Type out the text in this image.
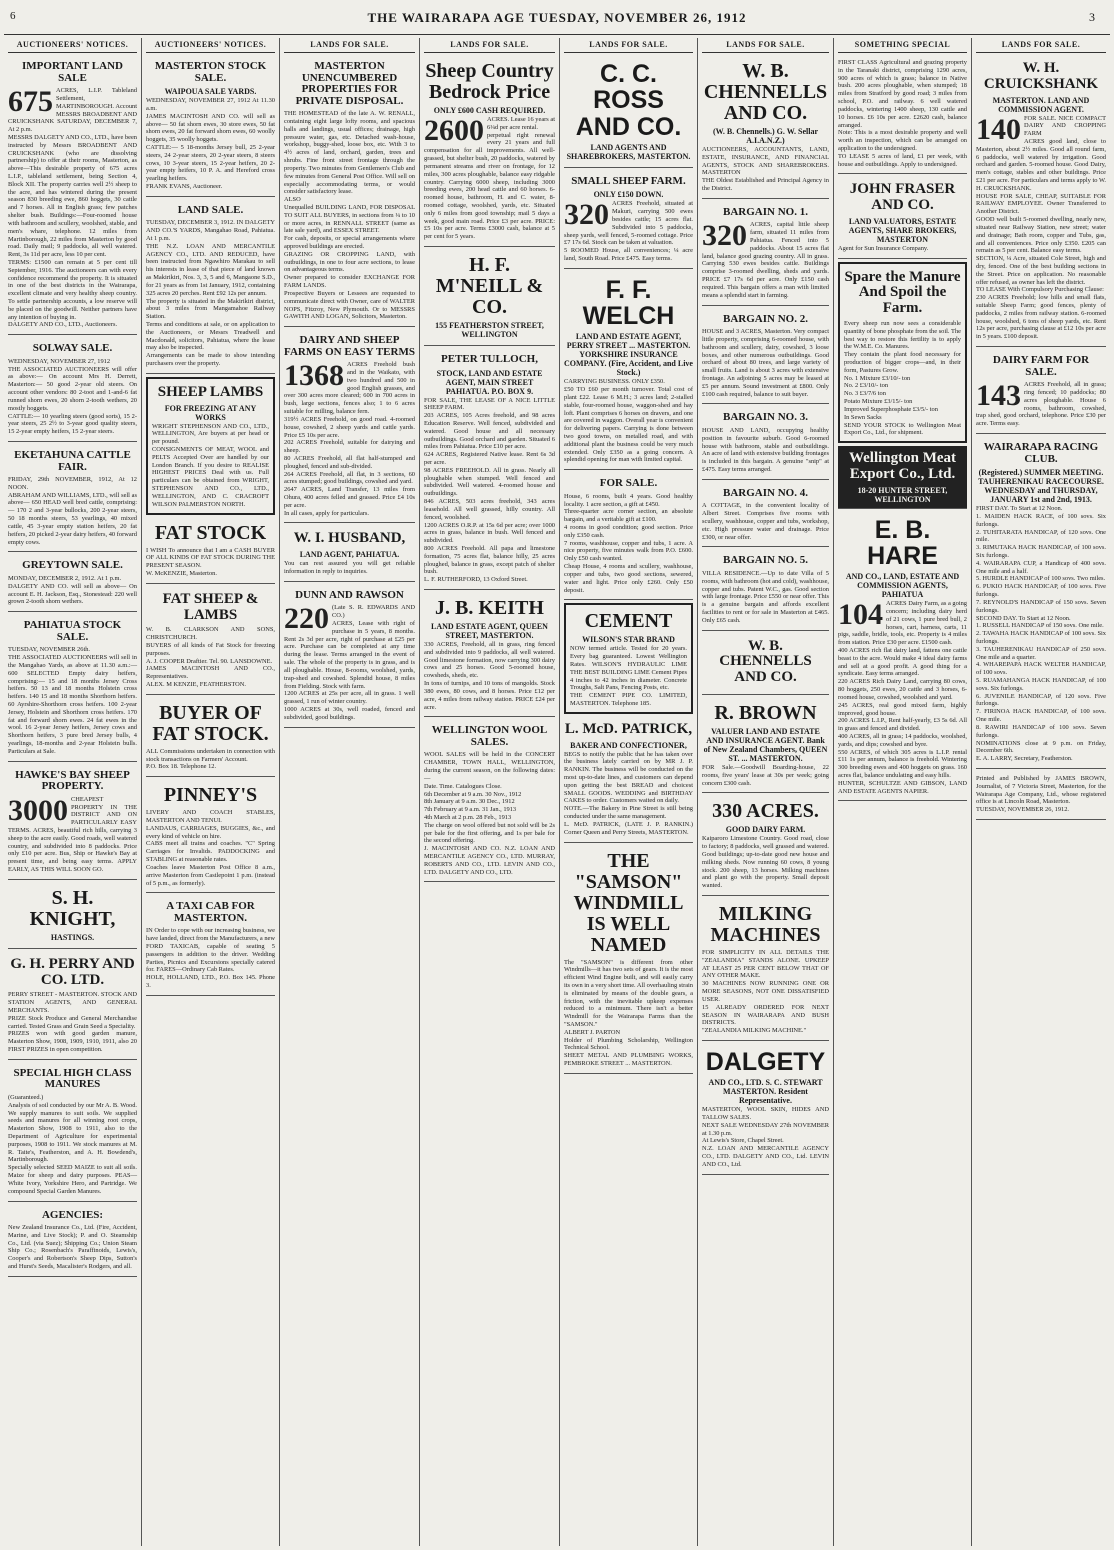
6	THE WAIRARAPA AGE TUESDAY, NOVEMBER 26, 1912	3
AUCTIONEERS' NOTICES.
IMPORTANT LAND SALE
675 ACRES, L.I.P. Tableland Settlement, MARTINBOROUGH. Account MESSRS BROADBENT AND CRUICKSHANK SATURDAY, DECEMBER 7, At 2 p.m.
MESSRS DALGETY AND CO., LTD., have been instructed by Messrs BROADBENT AND CRUICKSHANK (who are dissolving partnership) to offer at their rooms, Masterton, as above—This desirable property of 675 acres L.I.P., tableland settlement, being Section 4, Block XII. The property carries well 2½ sheep to the acre, and has wintered during the present season 830 breeding ewe, 860 hoggets, 30 cattle and 7 horses. All in English grass; few patches shelter bush. Buildings:—Four-roomed house with bathroom and scullery, woolshed, stable, and men's whare, telephone. 12 miles from Martinborough, 22 miles from Masterton by good road. Daily mail; 9 paddocks, all well watered. Rent, 3s 11d per acre, less 10 per cent.
TERMS: £1500 can remain at 5 per cent till September, 1916. The auctioneers can with every confidence recommend the property. It is situated in one of the best districts in the Wairarapa, excellent climate and very healthy sheep country. To settle partnership accounts, a low reserve will be placed on the goodwill. Neither partners have any intention of buying in.
DALGETY AND CO., LTD., Auctioneers.
SOLWAY SALE.
WEDNESDAY, NOVEMBER 27, 1912
THE ASSOCIATED AUCTIONEERS will offer as above:— On account Mrs H. Derrett, Masterton:— 50 good 2-year old steers. On account other vendors: 80 2-toot and 1-and-6 fat runned shorn ewes, 20 shorn 2-tooth wethers, 20 mostly hoggets.
CATTLE:— 10 yearling steers (good sorts), 15 2-year steers, 25 2½ to 3-year good quality steers, 15 2-year empty heifers, 15 2-year steers.
EKETAHUNA CATTLE FAIR.
FRIDAY, 29th NOVEMBER, 1912, At 12 NOON.
ABRAHAM AND WILLIAMS, LTD., will sell as above— 650 HEAD well bred cattle, comprising:— 170 2 and 3-year bullocks, 200 2-year steers, 50 18 months steers, 53 yearlings, 40 mixed cattle, 45 3-year empty station heifers, 20 fat heifers, 20 picked 2-year dairy heifers, 40 forward empty cows.
GREYTOWN SALE.
MONDAY, DECEMBER 2, 1912. At 1 p.m.
DALGETY AND CO. will sell as above— On account E. H. Jackson, Esq., Stonestead: 220 well grown 2-tooth shorn wethers.
PAHIATUA STOCK SALE.
TUESDAY, NOVEMBER 26th.
THE ASSOCIATED AUCTIONEERS will sell in the Mangahao Yards, as above at 11.30 a.m.:— 600 SELECTED Empty dairy heifers, comprising:— 15 and 18 months Jersey Cross heifers. 50 13 and 18 months Holstein cross heifers. 140 15 and 18 months Shorthorn heifers. 60 Ayrshire-Shorthorn cross heifers. 100 2-year Jersey, Holstein and Shorthorn cross heifers. 170 fat and forward shorn ewes. 24 fat ewes in the wool. 16 2-year Jersey heifers, Jersey cows and Shorthorn heifers, 3 pure bred Jersey bulls, 4 yearlings, 18-months and 2-year Holstein bulls. Particulars at Sale.
HAWKE'S BAY SHEEP PROPERTY.
3000 CHEAPEST PROPERTY IN THE DISTRICT AND ON PARTICULARLY EASY TERMS. ACRES, beautiful rich hills, carrying 3 sheep to the acre easily. Good roads, well watered country, and subdivided into 8 paddocks. Price only £10 per acre. Bus, Ship or Hawke's Bay at present time, and being easy terms. APPLY EARLY, AS THIS WILL SOON GO.
S. H. KNIGHT,
HASTINGS.
G. H. PERRY AND CO. LTD.
PERRY STREET - MASTERTON. STOCK AND STATION AGENTS, AND GENERAL MERCHANTS.
PRIZE Stock Produce and General Merchandise carried. Tested Grass and Grain Seed a Speciality.
PRIZES won with good garden manure, Masterton Show, 1908, 1909, 1910, 1911, also 20 FIRST PRIZES in open competition.
SPECIAL HIGH CLASS MANURES
(Guaranteed.)
Analysis of soil conducted by our Mr A. B. Wood. We supply manures to suit soils. We supplied seeds and manures for all winning root crops, Masterton Show, 1908 to 1911, also to the Department of Agriculture for experimental purposes, 1908 to 1911. We stock manures at M. R. Taite's, Featherston, and A. H. Bowdend's, Martinborough.
Specially selected SEED MAIZE to suit all soils. Maize for sheep and dairy purposes. PEAS—White Ivory, Yorkshire Hero, and Partridge. We compound Special Garden Manures.
AGENCIES:
New Zealand Insurance Co., Ltd. (Fire, Accident, Marine, and Live Stock); P. and O. Steamship Co., Ltd. (via Suez); Shipping Co.; Union Steam Ship Co.; Rosenbach's Paraffinoids, Lewis's, Cooper's and Robertson's Sheep Dips, Sutton's and Hurst's Seeds, Macalister's Rodgers, and all.
AUCTIONEERS' NOTICES.
MASTERTON STOCK SALE.
WAIPOUA SALE YARDS.
WEDNESDAY, NOVEMBER 27, 1912 At 11.30 a.m.
JAMES MACINTOSH AND CO. will sell as above— 50 fat shorn ewes, 30 store ewes, 50 fat shorn ewes, 20 fat forward shorn ewes, 60 woolly hoggets, 35 woolly hoggets.
CATTLE:— 5 18-months Jersey bull, 25 2-year steers, 24 2-year steers, 20 2-year steers, 8 steers cows, 10 3-year steers, 15 2-year heifers, 20 2-year empty heifers, 10 P. A. and Hereford cross yearling heifers.
FRANK EVANS, Auctioneer.
LAND SALE.
TUESDAY, DECEMBER 3, 1912. IN DALGETY AND CO.'S YARDS, Mangahao Road, Pahiatua. At 1 p.m.
THE N.Z. LOAN AND MERCANTILE AGENCY CO., LTD. AND REDUCED, have been instructed from Ngawhiro Marakau to sell his interests in lease of that piece of land known as Makirikiri, Nos. 3, 3, 5 and 6, Mangaone S.D., for 21 years as from 1st January, 1912, containing 325 acres 20 perches. Rent £92 12s per annum.
The property is situated in the Makirikiri district, about 3 miles from Mangamahoe Railway Station.
Terms and conditions at sale, or on application to the Auctioneers, or Messrs Treadwell and Macdonald, solicitors, Pahiatua, where the lease may also be inspected.
Arrangements can be made to show intending purchasers over the property.
SHEEP LAMBS
FOR FREEZING AT ANY WORKS
WRIGHT STEPHENSON AND CO., LTD., WELLINGTON, Are buyers at per head or per pound.
CONSIGNMENTS OF MEAT, WOOL and PELTS Accepted Over are handled by our London Branch. If you desire to REALISE HIGHEST PRICES Deal with us. Full particulars can be obtained from WRIGHT, STEPHENSON AND CO., LTD., WELLINGTON, AND C. CRACROFT WILSON PALMERSTON NORTH.
FAT STOCK
I WISH To announce that I am a CASH BUYER OF ALL KINDS OF FAT STOCK DURING THE PRESENT SEASON.
W. McKENZIE, Masterton.
FAT SHEEP & LAMBS
W. B. CLARKSON AND SONS, CHRISTCHURCH.
BUYERS of all kinds of Fat Stock for freezing purposes.
A. J. COOPER Draftier. Tel. 90. LANSDOWNE.
JAMES MACINTOSH AND CO., Representatives.
ALEX. M KENZIE, FEATHERSTON.
BUYER OF FAT STOCK.
ALL Commissions undertaken in connection with stock transactions on Farmers' Account.
P.O. Box 18. Telephone 12.
PINNEY'S
LIVERY AND COACH STABLES, MASTERTON AND TENUI.
LANDAUS, CARRIAGES, BUGGIES, &c., and every kind of vehicle on hire.
CABS meet all trains and coaches. "C" Spring Carriages for Invalids. PADDOCKING and STABLING at reasonable rates.
Coaches leave Masterton Post Office 8 a.m., arrive Masterton from Castlepoint 1 p.m. (instead of 5 p.m., as formerly).
A TAXI CAB FOR MASTERTON.
IN Order to cope with our increasing business, we have landed, direct from the Manufacturers, a new FORD TAXICAB, capable of seating 5 passengers in addition to the driver. Wedding Parties, Picnics and Excursions specially catered for. FARES—Ordinary Cab Rates.
HOLE, HOLLAND, LTD., P.O. Box 145. Phone 3.
LANDS FOR SALE.
MASTERTON UNENCUMBERED PROPERTIES FOR PRIVATE DISPOSAL.
THE HOMESTEAD of the late A. W. RENALL, containing eight large lofty rooms, and spacious halls and landings, usual offices; drainage, high pressure water, gas, etc. Detached wash-house, workshop, buggy-shed, loose box, etc. With 3 to 4½ acres of land, orchard, garden, trees and shrubs. Fine front street frontage through the property. Two minutes from Gentlemen's Club and few minutes from General Post Office. Will sell on especially accommodating terms, or would consider satisfactory lease.
ALSO
Unequalled BUILDING LAND, FOR DISPOSAL TO SUIT ALL BUYERS, in sections from ¼ to 10 or more acres, in RENNALL STREET (same as late sale yard), and ESSEX STREET.
For cash, deposits, or special arrangements where approved buildings are erected.
GRAZING OR CROPPING LAND, with outbuildings, in one to four acre sections, to lease on advantageous terms.
Owner prepared to consider EXCHANGE FOR FARM LANDS.
Prospective Buyers or Lessees are requested to communicate direct with Owner, care of WALTER NOPS, Fitzroy, New Plymouth. Or to MESSRS GAWITH AND LOGAN, Solicitors, Masterton.
DAIRY AND SHEEP FARMS ON EASY TERMS
1368 ACRES Freehold bush and in the Waikato, with two hundred and 500 in good English grasses, and over 300 acres more cleared; 600 in 700 acres in bush, large sections, fences also; 1 to 6 acres suitable for milling, balance fern.
319½ ACRES Freehold, on good road. 4-roomed house, cowshed, 2 sheep yards and cattle yards. Price £5 10s per acre.
202 ACRES Freehold, suitable for dairying and sheep.
80 ACRES Freehold, all flat half-stumped and ploughed, fenced and sub-divided.
264 ACRES Freehold, all flat, in 3 sections, 60 acres stumped; good buildings, cowshed and yard.
2647 ACRES, Land Transfer, 13 miles from Ohura, 400 acres felled and grassed. Price £4 10s per acre.
In all cases, apply for particulars.
W. I. HUSBAND,
LAND AGENT, PAHIATUA.
You can rest assured you will get reliable information in reply to inquiries.
DUNN AND RAWSON
220 (Late S. R. EDWARDS AND CO.)
ACRES, Lease with right of purchase in 5 years, 8 months. Rent 2s 3d per acre, right of purchase at £25 per acre. Purchase can be completed at any time during the lease. Terms arranged in the event of sale. The whole of the property is in grass, and is all ploughable. House, 8-rooms, woolshed, yards, trap-shed and cowshed. Splendid house, 8 miles from Fielding. Stock with farm.
1200 ACRES at 25s per acre, all in grass. 1 well grassed, 1 run of winter country.
1000 ACRES at 30s, well roaded, fenced and subdivided, good buildings.
LANDS FOR SALE.
Sheep Country Bedrock Price
ONLY £600 CASH REQUIRED.
2600 ACRES. Lease 16 years at 6¼d per acre rental.
perpetual right renewal every 21 years and full compensation for all improvements. All well-grassed, but shelter bush, 20 paddocks, watered by permanent streams and river on frontage, for 12 miles, 300 acres ploughable, balance easy ridgable country. Carrying 6000 sheep, including 3000 breeding ewes, 200 head cattle and 60 horses. 6-roomed house, bathroom, H. and C. water, 8-roomed cottage, woolshed, yards, etc. Situated only 6 miles from good township; mail 5 days a week, good main road. Price £3 per acre. PRICE: £5 10s per acre. Terms £3000 cash, balance at 5 per cent for 5 years.
H. F. M'NEILL & CO.
155 FEATHERSTON STREET, WELLINGTON
PETER TULLOCH,
STOCK, LAND AND ESTATE AGENT, MAIN STREET PAHIATUA. P.O. BOX 9.
FOR SALE, THE LEASE OF A NICE LITTLE SHEEP FARM.
203 ACRES, 105 Acres freehold, and 98 acres Education Reserve. Well fenced, subdivided and watered. Good house and all necessary outbuildings. Good orchard and garden. Situated 6 miles from Pahiatua. Price £10 per acre.
624 ACRES, Registered Native lease. Rent 6s 3d per acre.
98 ACRES FREEHOLD. All in grass. Nearly all ploughable when stumped. Well fenced and subdivided. Well watered. 4-roomed house and outbuildings.
846 ACRES, 503 acres freehold, 343 acres leasehold. All well grassed, hilly country. All fenced, woolshed.
1200 ACRES O.R.P. at 15s 6d per acre; over 1000 acres in grass, balance in bush. Well fenced and subdivided.
800 ACRES Freehold. All papa and limestone formation, 75 acres flat, balance hilly, 25 acres ploughed, balance in grass, except patch of shelter bush.
L. F. RUTHERFORD, 13 Oxford Street.
J. B. KEITH
LAND ESTATE AGENT, QUEEN STREET, MASTERTON.
330 ACRES, Freehold, all in grass, ring fenced and subdivided into 9 paddocks, all well watered. Good limestone formation, now carrying 300 dairy cows and 25 horses. Good 5-roomed house, cowsheds, sheds, etc.
In tons of turnips, and 10 tons of mangolds. Stock 380 ewes, 80 cows, and 8 horses. Price £12 per acre, 4 miles from railway station. PRICE £24 per acre.
WELLINGTON WOOL SALES.
WOOL SALES will be held in the CONCERT CHAMBER, TOWN HALL, WELLINGTON, during the current season, on the following dates:—
Date. Time. Catalogues Close.
6th December at 9 a.m. 30 Nov., 1912
8th January at 9 a.m. 30 Dec., 1912
7th February at 9 a.m. 31 Jan., 1913
4th March at 2 p.m. 28 Feb., 1913
The charge on wool offered but not sold will be 2s per bale for the first offering, and 1s per bale for the second offering.
J. MACINTOSH AND CO. N.Z. LOAN AND MERCANTILE AGENCY CO., LTD. MURRAY, ROBERTS AND CO., LTD. LEVIN AND CO., LTD. DALGETY AND CO., LTD.
LANDS FOR SALE.
C. C. ROSS AND CO.
LAND AGENTS AND SHAREBROKERS, MASTERTON.
SMALL SHEEP FARM.
ONLY £150 DOWN.
320 ACRES Freehold, situated at Makuri, carrying 500 ewes besides cattle; 15 acres flat. Subdivided into 5 paddocks, sheep yards, well fenced, 5-roomed cottage. Price £7 17s 6d. Stock can be taken at valuation.
5 ROOMED House, all conveniences; ¼ acre land, South Road. Price £475. Easy terms.
F. F. WELCH
LAND AND ESTATE AGENT, PERRY STREET ... MASTERTON. YORKSHIRE INSURANCE COMPANY. (Fire, Accident, and Live Stock.)
CARRYING BUSINESS. ONLY £350.
£50 TO £60 per month turnover. Total cost of plant £22. Lease 6 M.H.; 3 acres land; 2-stalled stable, four-roomed house, waggon-shed and hay loft. Plant comprises 6 horses on dravers, and one are covered in waggon. Overall year is convenient for delivering papers. Carrying is done between two good towns, on metalled road, and with additional plant the business could be very much extended. Only £350 as a going concern. A splendid opening for man with limited capital.
FOR SALE.
House, 6 rooms, built 4 years. Good healthy locality. 1 acre section, a gift at £450.
Three-quarter acre corner section, an absolute bargain, and a veritable gift at £100.
4 rooms in good condition; good section. Price only £350 cash.
7 rooms, washhouse, copper and tubs, 1 acre. A nice property, five minutes walk from P.O. £600. Only £50 cash wanted.
Cheap House, 4 rooms and scullery, washhouse, copper and tubs, two good sections, sewered, water and light. Price only £260. Only £50 deposit.
CEMENT
WILSON'S STAR BRAND
NOW termed article. Tested for 20 years. Every bag guaranteed. Lowest Wellington Rates. WILSON'S HYDRAULIC LIME THE BEST BUILDING LIME Cement Pipes 4 inches to 42 inches in diameter. Concrete Troughs, Salt Pans, Fencing Posts, etc.
THE CEMENT PIPE CO. LIMITED, MASTERTON. Telephone 185.
L. McD. PATRICK,
BAKER AND CONFECTIONER,
BEGS to notify the public that he has taken over the business lately carried on by MR J. P. RANKIN. The business will be conducted on the most up-to-date lines, and customers can depend upon getting the best BREAD and choicest SMALL GOODS. WEDDING and BIRTHDAY CAKES to order. Customers waited on daily.
NOTE.—The Bakery in Pine Street is still being conducted under the same management.
L. McD. PATRICK, (LATE J. P. RANKIN.) Corner Queen and Perry Streets, MASTERTON.
THE "SAMSON" WINDMILL IS WELL NAMED
The "SAMSON" is different from other Windmills—it has two sets of gears. It is the most efficient Wind Engine built, and will easily carry its own in a very short time. All overhauling strain is eliminated by means of the double gears, a friction, with the inevitable upkeep expenses reduced to a minimum. There isn't a better Windmill for the Wairarapa Farms than the "SAMSON."
ALBERT J. PARTON
Holder of Plumbing Scholarship, Wellington Technical School.
SHEET METAL AND PLUMBING WORKS, PEMBROKE STREET ... MASTERTON.
LANDS FOR SALE.
W. B. CHENNELLS AND CO.
(W. B. Chennells.) G. W. Sellar A.I.A.N.Z.)
AUCTIONEERS, ACCOUNTANTS, LAND, ESTATE, INSURANCE, AND FINANCIAL AGENTS, STOCK AND SHAREBROKERS. MASTERTON
THE Oldest Established and Principal Agency in the District.
BARGAIN NO. 1.
320 ACRES, capital little sheep farm, situated 11 miles from Pahiatua. Fenced into 5 paddocks. About 15 acres flat land, balance good grazing country. All in grass. Carrying 530 ewes besides cattle. Buildings comprise 3-roomed dwelling, sheds and yards. PRICE £7 17s 6d per acre. Only £150 cash required. This bargain offers a man with limited means a splendid start in farming.
BARGAIN NO. 2.
HOUSE and 3 ACRES, Masterton. Very compact little property, comprising 6-roomed house, with bathroom and scullery, dairy, cowshed, 3 loose boxes, and other numerous outbuildings. Good orchard of about 80 trees, and large variety of small fruits. Land is about 3 acres with extensive frontage. An adjoining 5 acres may be leased at £5 per annum. Sound investment at £800. Only £100 cash required, balance to suit buyer.
BARGAIN NO. 3.
HOUSE AND LAND, occupying healthy position in favourite suburb. Good 6-roomed house with bathroom, stable and outbuildings. An acre of land with extensive building frontages is included in this bargain. A genuine "snip" at £475. Easy terms arranged.
BARGAIN NO. 4.
A COTTAGE, in the convenient locality of Albert Street. Comprises five rooms with scullery, washhouse, copper and tubs, workshop, etc. High pressure water and drainage. Price £300, or near offer.
BARGAIN NO. 5.
VILLA RESIDENCE.—Up to date Villa of 5 rooms, with bathroom (hot and cold), washhouse, copper and tubs. Patent W.C., gas. Good section with large frontage. Price £550 or near offer. This is a genuine bargain and affords excellent facilities to rent or for sale in Masterton at £465. Only £65 cash.
W. B. CHENNELLS AND CO.
R. BROWN
VALUER LAND AND ESTATE AND INSURANCE AGENT. Bank of New Zealand Chambers, QUEEN ST. ... MASTERTON.
FOR Sale.—Goodwill Boarding-house, 22 rooms, five years' lease at 30s per week; going concern £300 cash.
330 ACRES.
GOOD DAIRY FARM.
Kaiparoro Limestone Country. Good road, close to factory; 8 paddocks, well grassed and watered. Good buildings; up-to-date good new house and milking sheds. Now running 60 cows, 8 young stock. 200 sheep, 13 horses. Milking machines and plant go with the property. Small deposit wanted.
MILKING MACHINES
FOR SIMPLICITY IN ALL DETAILS THE "ZEALANDIA" STANDS ALONE. UPKEEP AT LEAST 25 PER CENT BELOW THAT OF ANY OTHER MAKE.
30 MACHINES NOW RUNNING ONE OR MORE SEASONS, NOT ONE DISSATISFIED USER.
15 ALREADY ORDERED FOR NEXT SEASON IN WAIRARAPA AND BUSH DISTRICTS.
"ZEALANDIA MILKING MACHINE."
DALGETY
AND CO., LTD. S. C. STEWART MASTERTON. Resident Representative.
MASTERTON, WOOL SKIN, HIDES AND TALLOW SALES.
NEXT SALE WEDNESDAY 27th NOVEMBER at 1.30 p.m.
At Lewis's Store, Chapel Street.
N.Z. LOAN AND MERCANTILE AGENCY CO., LTD. DALGETY AND CO., Ltd. LEVIN AND CO., Ltd.
SOMETHING SPECIAL
FIRST CLASS Agricultural and grazing property in the Taranaki district, comprising 1290 acres, 900 acres of which is grass; balance in Native bush. 200 acres ploughable, when stumped; 18 miles from Stratford by good road; 3 miles from school, P.O. and railway. 6 well watered paddocks, wintering 1400 sheep, 130 cattle and 10 horses. £6 10s per acre. £2620 cash, balance arranged.
Note: This is a most desirable property and well worth an inspection, which can be arranged on application to the undersigned.
TO LEASE 5 acres of land, £1 per week, with house and outbuildings. Apply to undersigned.
JOHN FRASER AND CO.
LAND VALUATORS, ESTATE AGENTS, SHARE BROKERS, MASTERTON
Agent for Sun Insurance Company.
Spare the Manure And Spoil the Farm.
Every sheep run now sees a considerable quantity of bone phosphate from the soil. The best way to restore this fertility is to apply the W.M.E. Co. Manures.
They contain the plant food necessary for production of bigger crops—and, in their form, Pastures Grow.
No. 1 Mixture £3/10/- ton
No. 2 £3/10/- ton
No. 3 £3/7/6 ton
Potato Mixture £3/15/- ton
Improved Superphosphate £3/5/- ton
In Sewn Sacks
SEND YOUR STOCK to Wellington Meat Export Co., Ltd., for shipment.
Wellington Meat Export Co., Ltd.
18-20 HUNTER STREET, WELLINGTON
E. B. HARE
AND CO., LAND, ESTATE AND COMMISSION AGENTS, PAHIATUA
104 ACRES Dairy Farm, as a going concern; including dairy herd of 21 cows, 1 pure bred bull, 2 horses, cart, harness, carts, 11 pigs, saddle, bridle, tools, etc. Property is 4 miles from station. Price £30 per acre. £1500 cash.
400 ACRES rich flat dairy land, fattens one cattle beast to the acre. Would make 4 ideal dairy farms and sell at a good profit. A good thing for a syndicate. Easy terms arranged.
220 ACRES Rich Dairy Land, carrying 80 cows, 80 hoggets, 250 ewes, 20 cattle and 3 horses, 6-roomed house, cowshed, woolshed and yard.
245 ACRES, real good mixed farm, highly improved, good house.
200 ACRES L.I.P., Rent half-yearly, £3 5s 6d. All in grass and fenced and divided.
400 ACRES, all in grass; 14 paddocks, woolshed, yards, and dips; cowshed and byre.
550 ACRES, of which 305 acres is L.I.P. rental £11 1s per annum, balance is freehold. Wintering 300 breeding ewes and 400 hoggets on grass. 160 acres flat, balance undulating and easy hills.
HUNTER, SCHULTZE AND GIBSON, LAND AND ESTATE AGENTS NAPIER.
LANDS FOR SALE.
W. H. CRUICKSHANK
MASTERTON. LAND AND COMMISSION AGENT.
140 FOR SALE. NICE COMPACT DAIRY AND CROPPING FARM
ACRES good land, close to Masterton, about 2½ miles. Good all round farm, 6 paddocks, well watered by irrigation. Good orchard and garden. 5-roomed house. Good Dairy, men's cottage, stables and other buildings. Price £21 per acre. For particulars and terms apply to W. H. CRUICKSHANK.
HOUSE FOR SALE, CHEAP, SUITABLE FOR RAILWAY EMPLOYEE. Owner Transferred to Another District.
GOOD well built 5-roomed dwelling, nearly new, situated near Railway Station, new street; water and drainage; Bath room, copper and Tubs, gas, and all conveniences. Price only £350. £205 can remain as 5 per cent. Balance easy terms.
SECTION, ¼ Acre, situated Cole Street, high and dry, fenced. One of the best building sections in the Street. Price on application. No reasonable offer refused, as owner has left the district.
TO LEASE With Compulsory Purchasing Clause:
230 ACRES Freehold; low hills and small flats, suitable Sheep Farm; good fences, plenty of paddocks, 2 miles from railway station. 6-roomed house, woolshed, 6 tons of sheep yards, etc. Rent 12s per acre, purchasing clause at £12 10s per acre in 5 years. £100 deposit.
DAIRY FARM FOR SALE.
143 ACRES Freehold, all in grass; ring fenced; 10 paddocks; 80 acres ploughable. House 6 rooms, bathroom, cowshed, trap shed, good orchard, telephone. Price £30 per acre. Terms easy.
WAIRARAPA RACING CLUB.
(Registered.) SUMMER MEETING. TAUHERENIKAU RACECOURSE. WEDNESDAY and THURSDAY, JANUARY 1st and 2nd, 1913.
FIRST DAY. To Start at 12 Noon.
1. MAIDEN HACK RACE, of 100 sovs. Six furlongs.
2. TUHITARATA HANDICAP, of 120 sovs. One mile.
3. RIMUTAKA HACK HANDICAP, of 100 sovs. Six furlongs.
4. WAIRARAPA CUP, a Handicap of 400 sovs. One mile and a half.
5. HURDLE HANDICAP of 100 sovs. Two miles.
6. PUKIO HACK HANDICAP, of 100 sovs. Five furlongs.
7. REYNOLD'S HANDICAP of 150 sovs. Seven furlongs.
SECOND DAY. To Start at 12 Noon.
1. RUSSELL HANDICAP of 150 sovs. One mile.
2. TAWAHA HACK HANDICAP of 100 sovs. Six furlongs.
3. TAUHERENIKAU HANDICAP of 250 sovs. One mile and a quarter.
4. WHAREPAPA HACK WELTER HANDICAP, of 100 sovs.
5. RUAMAHANGA HACK HANDICAP, of 100 sovs. Six furlongs.
6. JUVENILE HANDICAP, of 120 sovs. Five furlongs.
7. FIRINOA HACK HANDICAP, of 100 sovs. One mile.
8. RAWIRI HANDICAP of 100 sovs. Seven furlongs.
NOMINATIONS close at 9 p.m. on Friday, December 6th.
E. A. LARRY, Secretary, Featherston.
Printed and Published by JAMES BROWN, Journalist, of 7 Victoria Street, Masterton, for the Wairarapa Age Company, Ltd., whose registered office is at Lincoln Road, Masterton.
TUESDAY, NOVEMBER 26, 1912.
